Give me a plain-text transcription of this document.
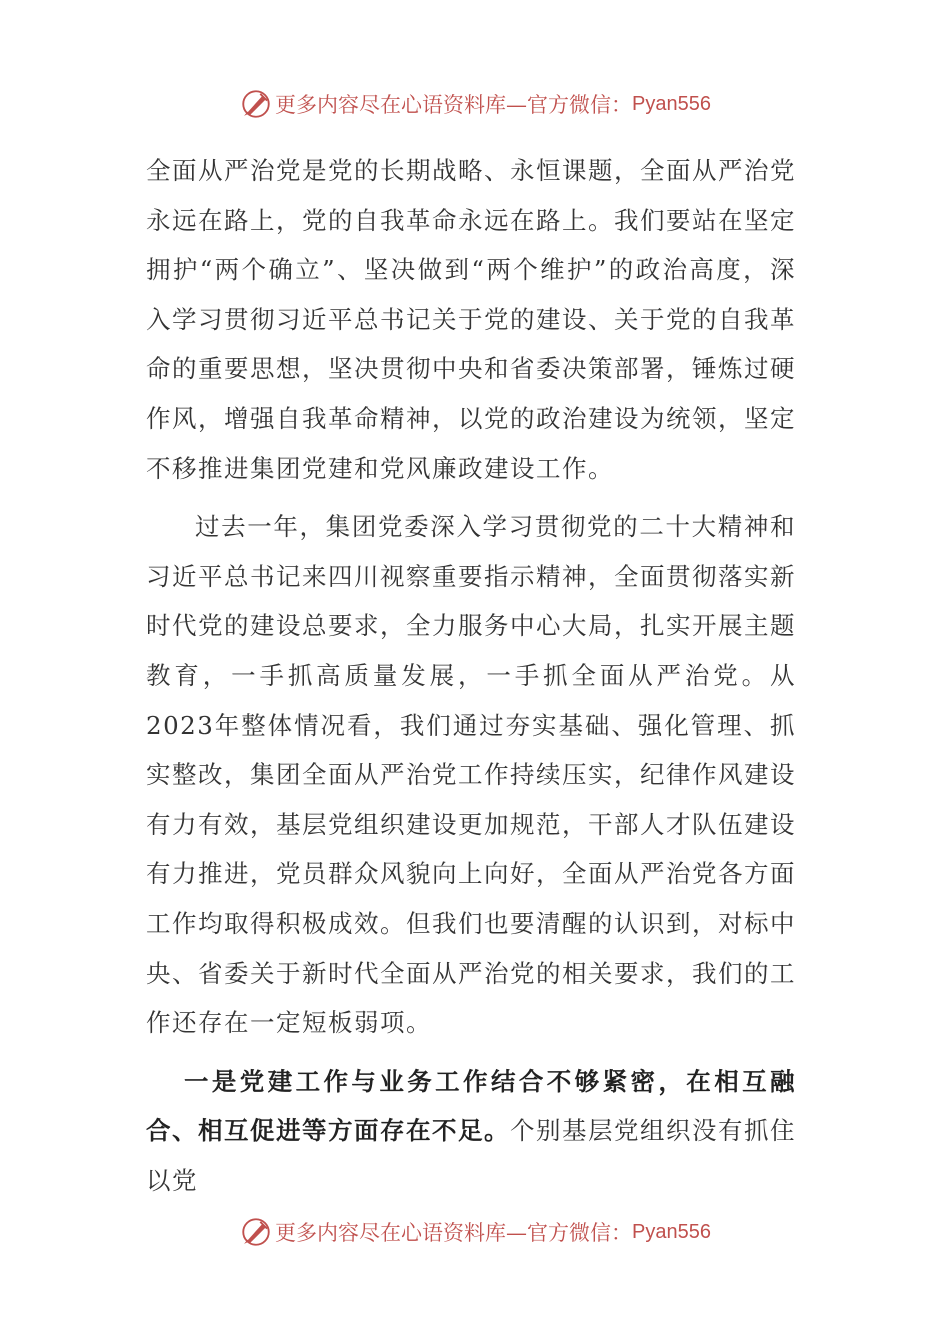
更多内容尽在心语资料库—官方微信： Pyan556

全面从严治党是党的长期战略、永恒课题，全面从严治党永远在路上，党的自我革命永远在路上。我们要站在坚定拥护“两个确立”、坚决做到“两个维护”的政治高度，深入学习贯彻习近平总书记关于党的建设、关于党的自我革命的重要思想，坚决贯彻中央和省委决策部署，锤炼过硬作风，增强自我革命精神，以党的政治建设为统领，坚定不移推进集团党建和党风廉政建设工作。

过去一年，集团党委深入学习贯彻党的二十大精神和习近平总书记来四川视察重要指示精神，全面贯彻落实新时代党的建设总要求，全力服务中心大局，扎实开展主题教育，一手抓高质量发展，一手抓全面从严治党。从2023年整体情况看，我们通过夯实基础、强化管理、抓实整改，集团全面从严治党工作持续压实，纪律作风建设有力有效，基层党组织建设更加规范，干部人才队伍建设有力推进，党员群众风貌向上向好，全面从严治党各方面工作均取得积极成效。但我们也要清醒的认识到，对标中央、省委关于新时代全面从严治党的相关要求，我们的工作还存在一定短板弱项。

一是党建工作与业务工作结合不够紧密，在相互融合、相互促进等方面存在不足。个别基层党组织没有抓住以党

更多内容尽在心语资料库—官方微信： Pyan556
